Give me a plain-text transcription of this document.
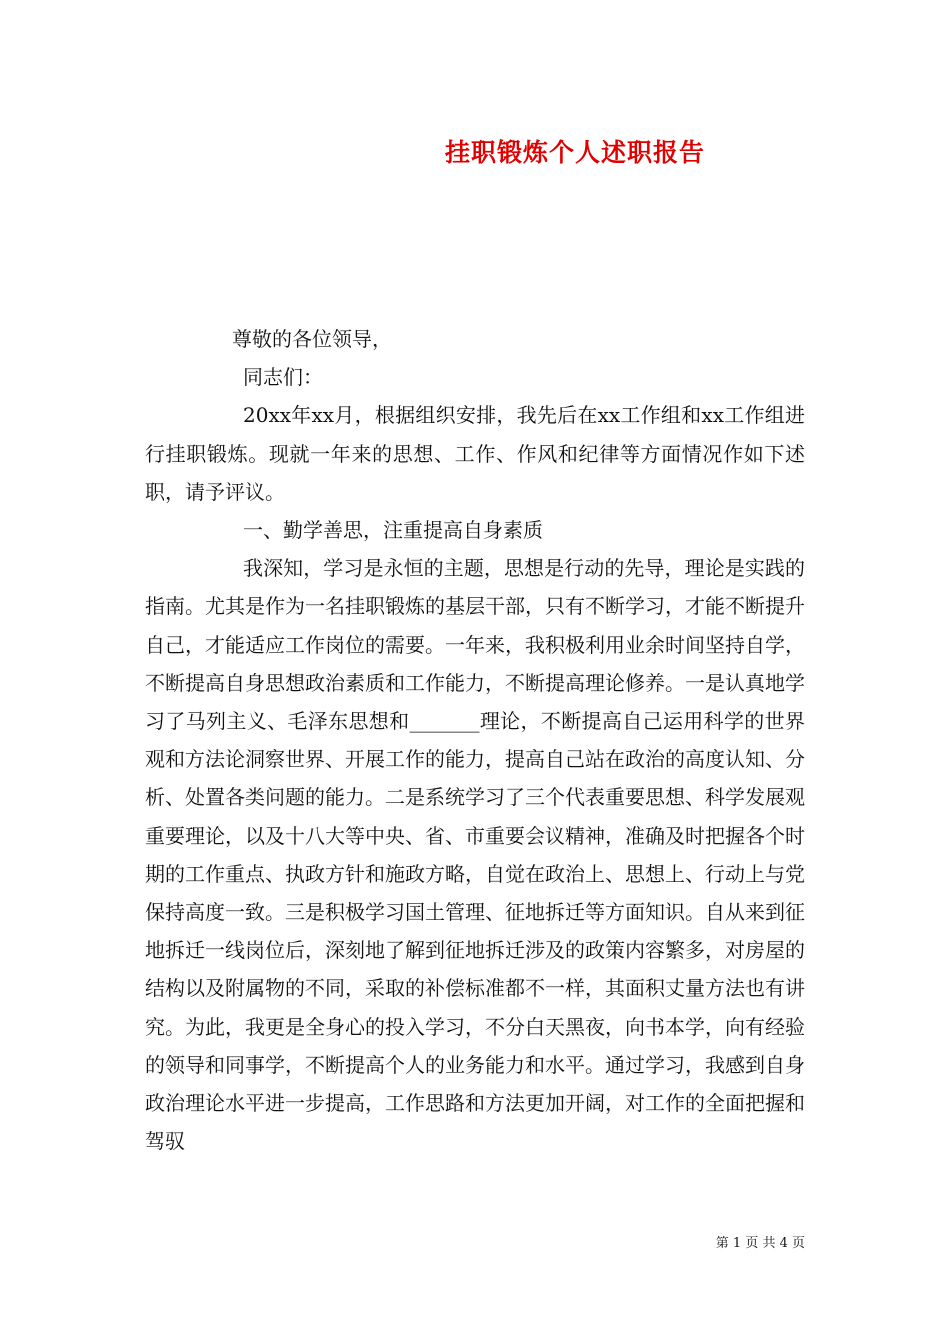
挂职锻炼个人述职报告

尊敬的各位领导，

同志们：

20xx年xx月，根据组织安排，我先后在xx工作组和xx工作组进行挂职锻炼。现就一年来的思想、工作、作风和纪律等方面情况作如下述职，请予评议。

一、勤学善思，注重提高自身素质

我深知，学习是永恒的主题，思想是行动的先导，理论是实践的指南。尤其是作为一名挂职锻炼的基层干部，只有不断学习，才能不断提升自己，才能适应工作岗位的需要。一年来，我积极利用业余时间坚持自学，不断提高自身思想政治素质和工作能力，不断提高理论修养。一是认真地学习了马列主义、毛泽东思想和_______理论，不断提高自己运用科学的世界观和方法论洞察世界、开展工作的能力，提高自己站在政治的高度认知、分析、处置各类问题的能力。二是系统学习了三个代表重要思想、科学发展观重要理论，以及十八大等中央、省、市重要会议精神，准确及时把握各个时期的工作重点、执政方针和施政方略，自觉在政治上、思想上、行动上与党保持高度一致。三是积极学习国土管理、征地拆迁等方面知识。自从来到征地拆迁一线岗位后，深刻地了解到征地拆迁涉及的政策内容繁多，对房屋的结构以及附属物的不同，采取的补偿标准都不一样，其面积丈量方法也有讲究。为此，我更是全身心的投入学习，不分白天黑夜，向书本学，向有经验的领导和同事学，不断提高个人的业务能力和水平。通过学习，我感到自身政治理论水平进一步提高，工作思路和方法更加开阔，对工作的全面把握和驾驭

第 1 页 共 4 页
